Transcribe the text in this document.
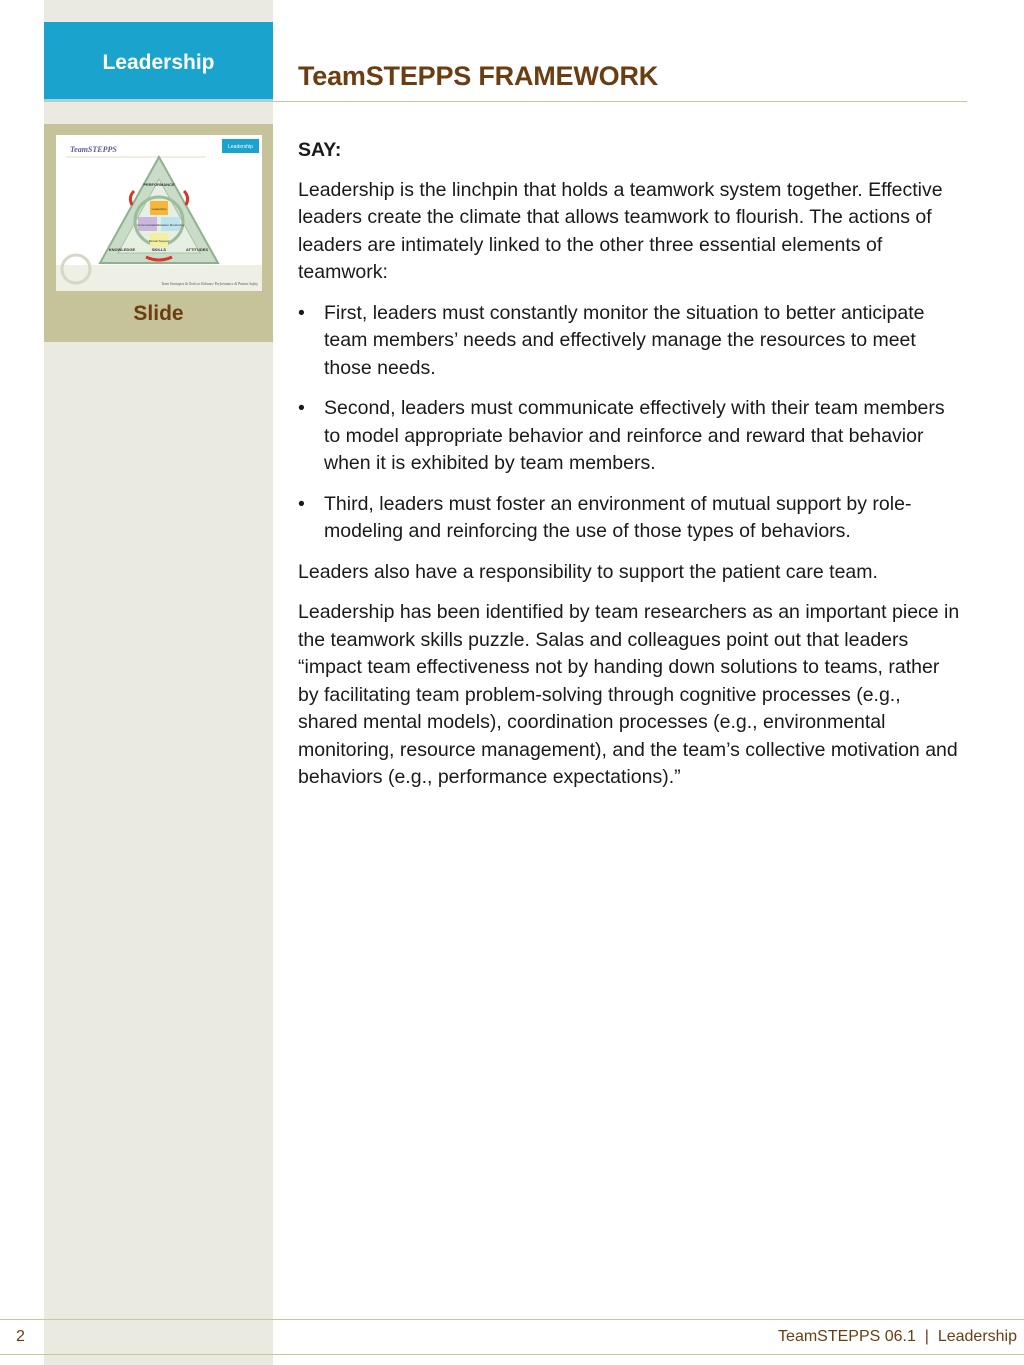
Leadership
TeamSTEPPS	Leadership
PERFORMANCE
KNOWLEDGE	ATTITUDES
SKILLS
Leadership
Communication Situation Monitoring
Mutual Support
Team Strategies & Tools to Enhance Performance & Patient Safety
Slide
TeamSTEPPS FRAMEWORK

SAY:

Leadership is the linchpin that holds a teamwork system together. Effective leaders create the climate that allows teamwork to flourish. The actions of leaders are intimately linked to the other three essential elements of teamwork:

• First, leaders must constantly monitor the situation to better anticipate team members’ needs and effectively manage the resources to meet those needs.
• Second, leaders must communicate effectively with their team members to model appropriate behavior and reinforce and reward that behavior when it is exhibited by team members.
• Third, leaders must foster an environment of mutual support by role-modeling and reinforcing the use of those types of behaviors.

Leaders also have a responsibility to support the patient care team.

Leadership has been identified by team researchers as an important piece in the teamwork skills puzzle. Salas and colleagues point out that leaders “impact team effectiveness not by handing down solutions to teams, rather by facilitating team problem-solving through cognitive processes (e.g., shared mental models), coordination processes (e.g., environmental monitoring, resource management), and the team’s collective motivation and behaviors (e.g., performance expectations).”

2	TeamSTEPPS 06.1  |  Leadership
